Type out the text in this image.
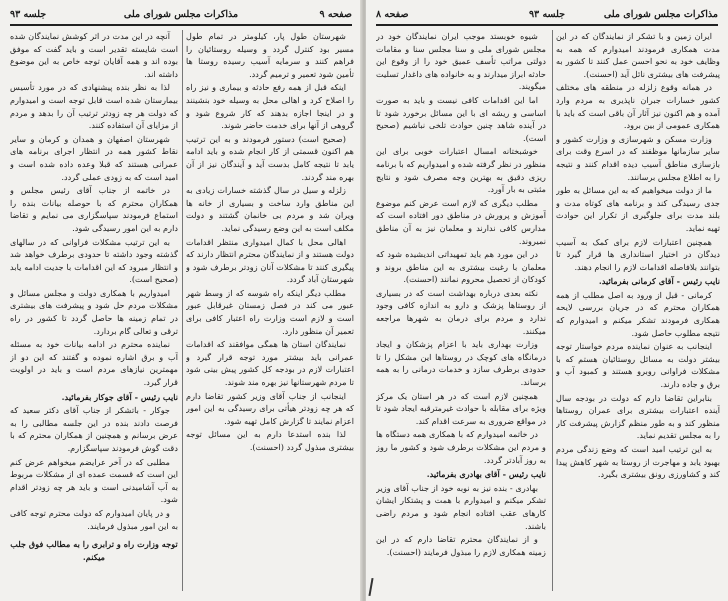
صفحه ۹
مذاکرات مجلس شورای ملی
جلسه ۹۳

شهرستان طول پار، کیلومتر در تمام طول مسیر بود کنترل گردد و وسیله روستائیان را فراهم کنند و سرمایه آسیب رسیده روستا ها تأمین شود تعمیر و ترمیم گردد.

اینکه قبل از همه رفع حادثه و بیماری و نیز راه را اصلاح کرد و اهالی محل به وسیله خود بنشینند و در اینجا اجازه بدهند که کار شروع شود و گروهی از آنها برای خدمت حاضر شوند.

(صحیح است) دستور فرمودند و به این ترتیب هم اکنون قسمتی از کار انجام شده و باید ادامه یابد تا نتیجه کامل بدست آید و آیندگان نیز از آن بهره مند گردند.

زلزله و سیل در سال گذشته خسارات زیادی به این مناطق وارد ساخت و بسیاری از خانه ها ویران شد و مردم بی خانمان گشتند و دولت مکلف است به این وضع رسیدگی نماید.

اهالی محل با کمال امیدواری منتظر اقدامات دولت هستند و از نمایندگان محترم انتظار دارند که پیگیری کنند تا مشکلات آنان زودتر برطرف شود و شهرستان آباد گردد.

مطلب دیگر اینکه راه شوسه که از وسط شهر عبور می کند در فصل زمستان غیرقابل عبور است و لازم است وزارت راه اعتبار کافی برای تعمیر آن منظور دارد.

نمایندگان استان ها همگی موافقند که اقدامات عمرانی باید بیشتر مورد توجه قرار گیرد و اعتبارات لازم در بودجه کل کشور پیش بینی شود تا مردم شهرستانها نیز بهره مند شوند.

اینجانب از جناب آقای وزیر کشور تقاضا دارم که هر چه زودتر هیأتی برای رسیدگی به این امور اعزام نمایند تا گزارش کامل تهیه شود.

لذا بنده استدعا دارم به این مسائل توجه بیشتری مبذول گردد (احسنت).

آنچه در این مدت در اثر کوشش نمایندگان شده است شایسته تقدیر است و باید گفت که موفق بوده اند و همه آقایان توجه خاص به این موضوع داشته اند.

لذا به نظر بنده پیشنهادی که در مورد تأسیس بیمارستان شده است قابل توجه است و امیدوارم که دولت هر چه زودتر ترتیب آن را بدهد و مردم از مزایای آن استفاده کنند.

شهرستان اصفهان و همدان و کرمان و سایر نقاط کشور همه در انتظار اجرای برنامه های عمرانی هستند که قبلا وعده داده شده است و امید است که به زودی عملی گردد.

در خاتمه از جناب آقای رئیس مجلس و همکاران محترم که با حوصله بیانات بنده را استماع فرمودند سپاسگزاری می نمایم و تقاضا دارم به این امور رسیدگی شود.

به این ترتیب مشکلات فراوانی که در سالهای گذشته وجود داشته تا حدودی برطرف خواهد شد و انتظار میرود که این اقدامات با جدیت ادامه یابد (صحیح است).

امیدواریم با همکاری دولت و مجلس مسائل و مشکلات مردم حل شود و پیشرفت های بیشتری در تمام زمینه ها حاصل گردد تا کشور در راه ترقی و تعالی گام بردارد.

نماینده محترم در ادامه بیانات خود به مسئله آب و برق اشاره نموده و گفتند که این دو از مهمترین نیازهای مردم است و باید در اولویت قرار گیرد.

نایب رئیس - آقای جوکار بفرمائید.

جوکار - باتشکر از جناب آقای دکتر سعید که فرصت دادند بنده در این جلسه مطالبی را به عرض برسانم و همچنین از همکاران محترم که با دقت گوش فرمودند سپاسگزارم.

مطلبی که در آخر عرایضم میخواهم عرض کنم این است که قسمت عمده ای از مشکلات مربوط به آب آشامیدنی است و باید هر چه زودتر اقدام شود.

و در پایان امیدوارم که دولت محترم توجه کافی به این امور مبذول فرمایند.

توجه وزارت راه و ترابری را به مطالب فوق جلب میکنم.

مذاکرات مجلس شورای ملی
جلسه ۹۳
صفحه ۸

ایران زمین و با تشکر از نمایندگان که در این مدت همکاری فرمودند امیدوارم که همه به وظایف خود به نحو احسن عمل کنند تا کشور به پیشرفت های بیشتری نائل آید (احسنت).

در همانه وقوع زلزله در منطقه های مختلف کشور خسارات جبران ناپذیری به مردم وارد آمده و هم اکنون نیز آثار آن باقی است که باید با همکاری عمومی از بین برود.

وزارت مسکن و شهرسازی و وزارت کشور و سایر سازمانها موظفند که در اسرع وقت برای بازسازی مناطق آسیب دیده اقدام کنند و نتیجه را به اطلاع مجلس برسانند.

ما از دولت میخواهیم که به این مسائل به طور جدی رسیدگی کند و برنامه های کوتاه مدت و بلند مدت برای جلوگیری از تکرار این حوادث تهیه نماید.

همچنین اعتبارات لازم برای کمک به آسیب دیدگان در اختیار استانداری ها قرار گیرد تا بتوانند بلافاصله اقدامات لازم را انجام دهند.

نایب رئیس - آقای کرمانی بفرمائید.

کرمانی - قبل از ورود به اصل مطلب از همه همکاران محترم که در جریان بررسی لایحه همکاری فرمودند تشکر میکنم و امیدوارم که نتیجه مطلوب حاصل شود.

اینجانب به عنوان نماینده مردم خواستار توجه بیشتر دولت به مسائل روستائیان هستم که با مشکلات فراوانی روبرو هستند و کمبود آب و برق و جاده دارند.

بنابراین تقاضا دارم که دولت در بودجه سال آینده اعتبارات بیشتری برای عمران روستاها منظور کند و به طور منظم گزارش پیشرفت کار را به مجلس تقدیم نماید.

به این ترتیب امید است که وضع زندگی مردم بهبود یابد و مهاجرت از روستا به شهر کاهش پیدا کند و کشاورزی رونق بیشتری بگیرد.

شیوه خوبستد موجب ایران نمایندگان خود در مجلس شورای ملی و سنا مجلس سنا و مقامات دولتی مراتب تأسف عمیق خود را از وقوع این حادثه ابراز میدارند و به خانواده های داغدار تسلیت میگویند.

اما این اقدامات کافی نیست و باید به صورت اساسی و ریشه ای با این مسائل برخورد شود تا در آینده شاهد چنین حوادث تلخی نباشیم (صحیح است).

خوشبختانه امسال اعتبارات خوبی برای این منظور در نظر گرفته شده و امیدواریم که با برنامه ریزی دقیق به بهترین وجه مصرف شود و نتایج مثبتی به بار آورد.

مطلب دیگری که لازم است عرض کنم موضوع آموزش و پرورش در مناطق دور افتاده است که مدارس کافی ندارند و معلمان نیز به آن مناطق نمیروند.

در این مورد هم باید تمهیداتی اندیشیده شود که معلمان با رغبت بیشتری به این مناطق بروند و کودکان از تحصیل محروم نمانند (احسنت).

نکته بعدی درباره بهداشت است که در بسیاری از روستاها پزشک و دارو به اندازه کافی وجود ندارد و مردم برای درمان به شهرها مراجعه میکنند.

وزارت بهداری باید با اعزام پزشکان و ایجاد درمانگاه های کوچک در روستاها این مشکل را تا حدودی برطرف سازد و خدمات درمانی را به همه برساند.

همچنین لازم است که در هر استان یک مرکز ویژه برای مقابله با حوادث غیرمترقبه ایجاد شود تا در مواقع ضروری به سرعت اقدام کند.

در خاتمه امیدوارم که با همکاری همه دستگاه ها و مردم این مشکلات برطرف شود و کشور ما روز به روز آبادتر گردد.

نایب رئیس - آقای بهادری بفرمائید.

بهادری - بنده نیز به نوبه خود از جناب آقای وزیر تشکر میکنم و امیدوارم با همت و پشتکار ایشان کارهای عقب افتاده انجام شود و مردم راضی باشند.

و از نمایندگان محترم تقاضا دارم که در این زمینه همکاری لازم را مبذول فرمایند (احسنت).
